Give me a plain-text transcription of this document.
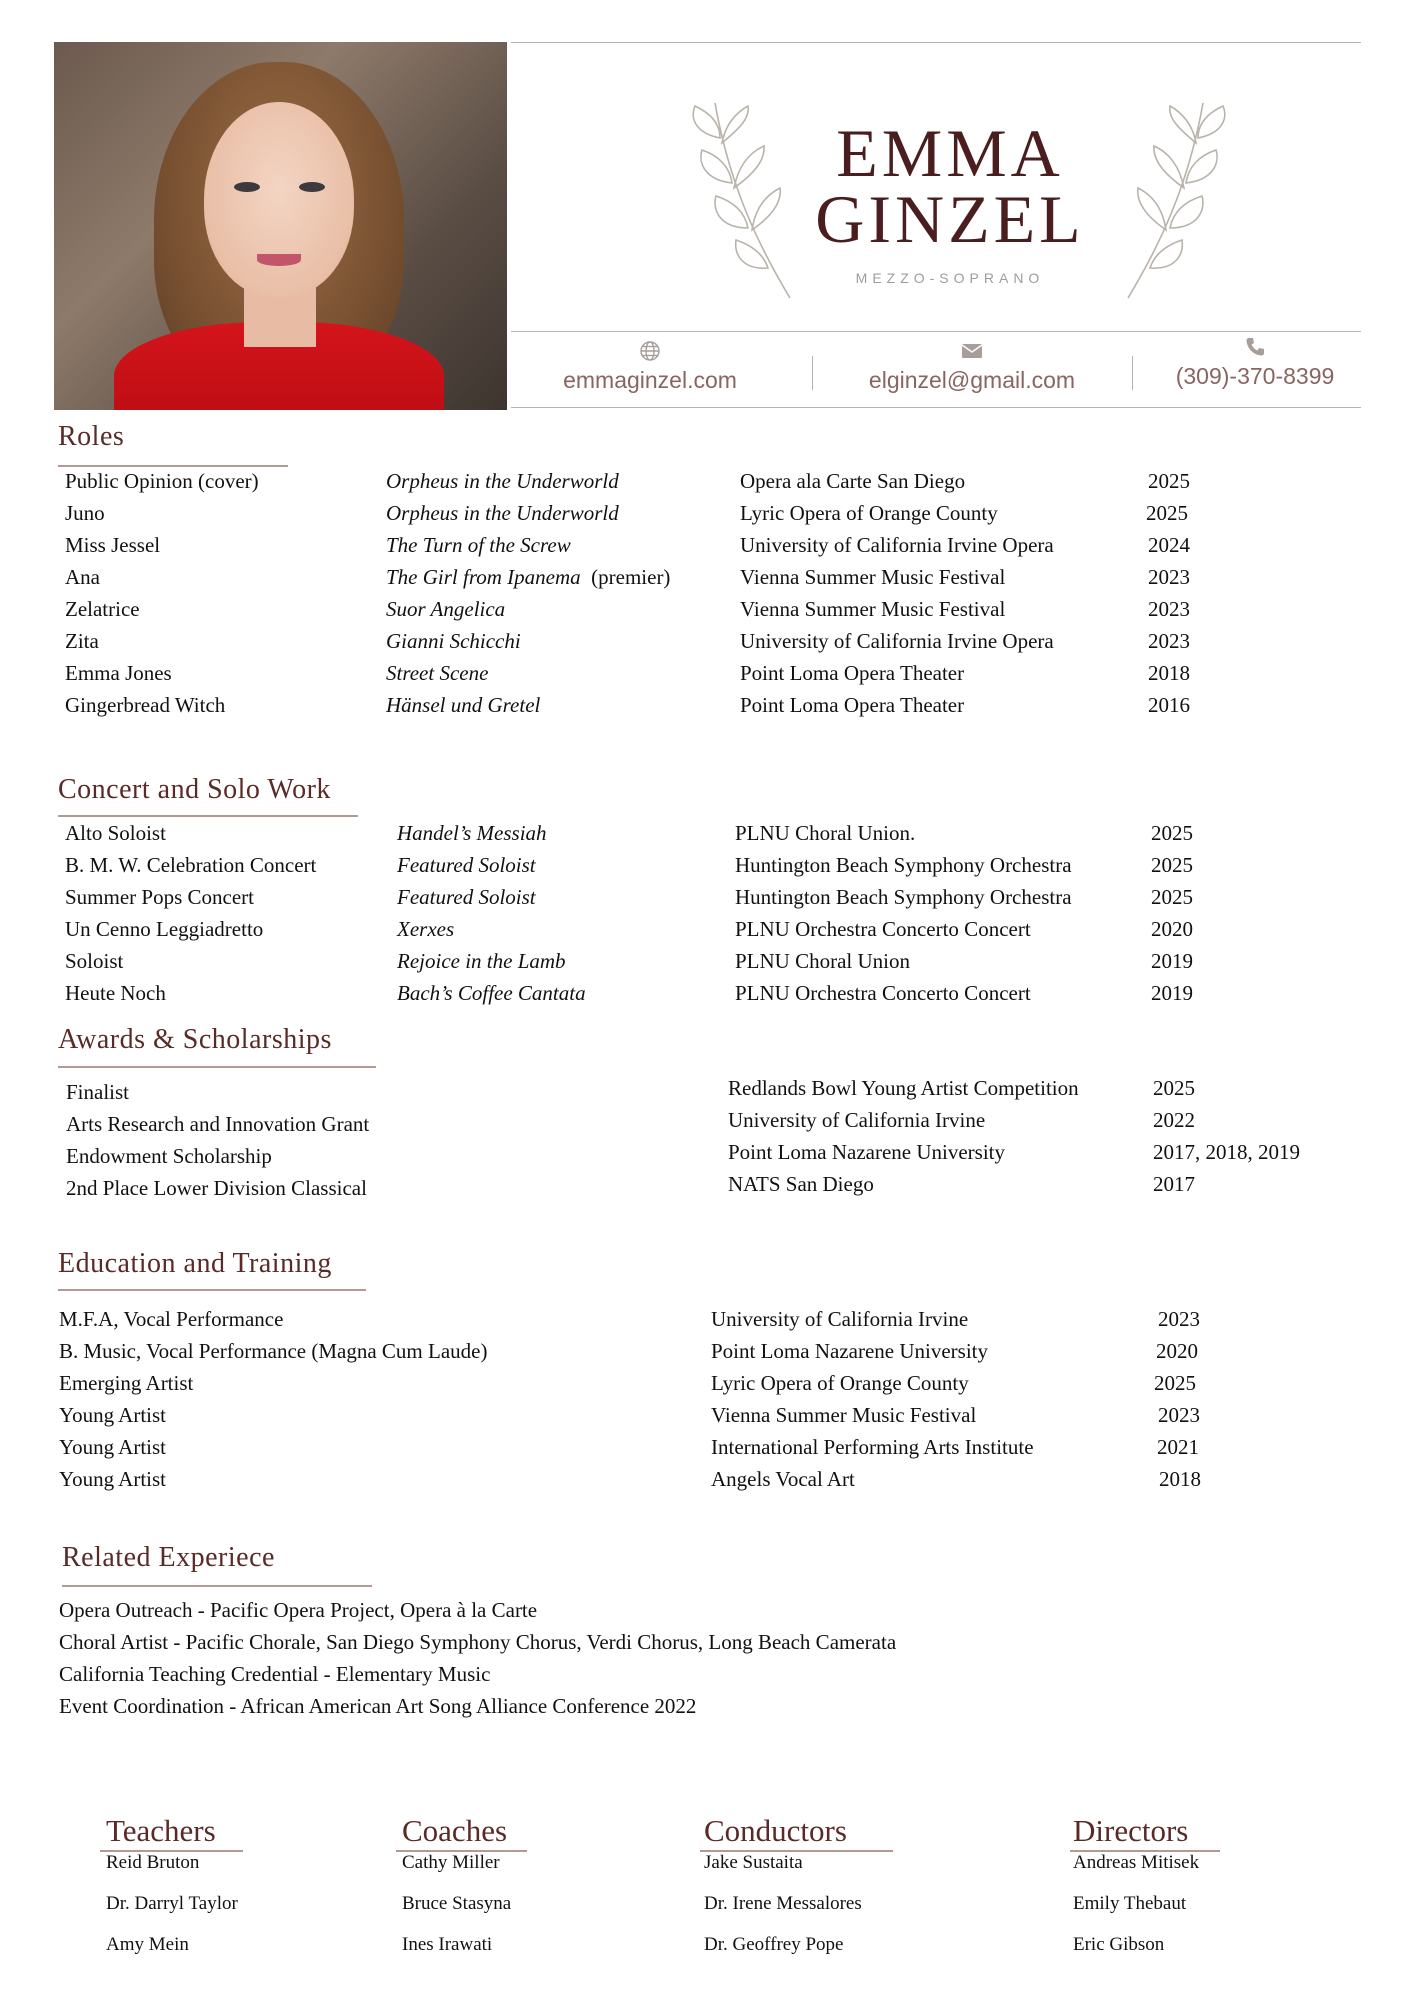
EMMA
GINZEL
MEZZO-SOPRANO
emmaginzel.com	elginzel@gmail.com	(309)-370-8399
Roles
Public Opinion (cover)	Orpheus in the Underworld	Opera ala Carte San Diego	2025
Juno	Orpheus in the Underworld	Lyric Opera of Orange County	2025
Miss Jessel	The Turn of the Screw	University of California Irvine Opera	2024
Ana	The Girl from Ipanema (premier)	Vienna Summer Music Festival	2023
Zelatrice	Suor Angelica	Vienna Summer Music Festival	2023
Zita	Gianni Schicchi	University of California Irvine Opera	2023
Emma Jones	Street Scene	Point Loma Opera Theater	2018
Gingerbread Witch	Hänsel und Gretel	Point Loma Opera Theater	2016
Concert and Solo Work
Alto Soloist	Handel’s Messiah	PLNU Choral Union.	2025
B. M. W. Celebration Concert	Featured Soloist	Huntington Beach Symphony Orchestra	2025
Summer Pops Concert	Featured Soloist	Huntington Beach Symphony Orchestra	2025
Un Cenno Leggiadretto	Xerxes	PLNU Orchestra Concerto Concert	2020
Soloist	Rejoice in the Lamb	PLNU Choral Union	2019
Heute Noch	Bach’s Coffee Cantata	PLNU Orchestra Concerto Concert	2019
Awards & Scholarships
Finalist	Redlands Bowl Young Artist Competition	2025
Arts Research and Innovation Grant	University of California Irvine	2022
Endowment Scholarship	Point Loma Nazarene University	2017, 2018, 2019
2nd Place Lower Division Classical	NATS San Diego	2017
Education and Training
M.F.A, Vocal Performance	University of California Irvine	2023
B. Music, Vocal Performance (Magna Cum Laude)	Point Loma Nazarene University	2020
Emerging Artist	Lyric Opera of Orange County	2025
Young Artist	Vienna Summer Music Festival	2023
Young Artist	International Performing Arts Institute	2021
Young Artist	Angels Vocal Art	2018
Related Experiece
Opera Outreach - Pacific Opera Project, Opera à la Carte
Choral Artist - Pacific Chorale, San Diego Symphony Chorus, Verdi Chorus, Long Beach Camerata
California Teaching Credential - Elementary Music
Event Coordination - African American Art Song Alliance Conference 2022
Teachers
Reid Bruton
Dr. Darryl Taylor
Amy Mein
Coaches
Cathy Miller
Bruce Stasyna
Ines Irawati
Conductors
Jake Sustaita
Dr. Irene Messalores
Dr. Geoffrey Pope
Directors
Andreas Mitisek
Emily Thebaut
Eric Gibson
